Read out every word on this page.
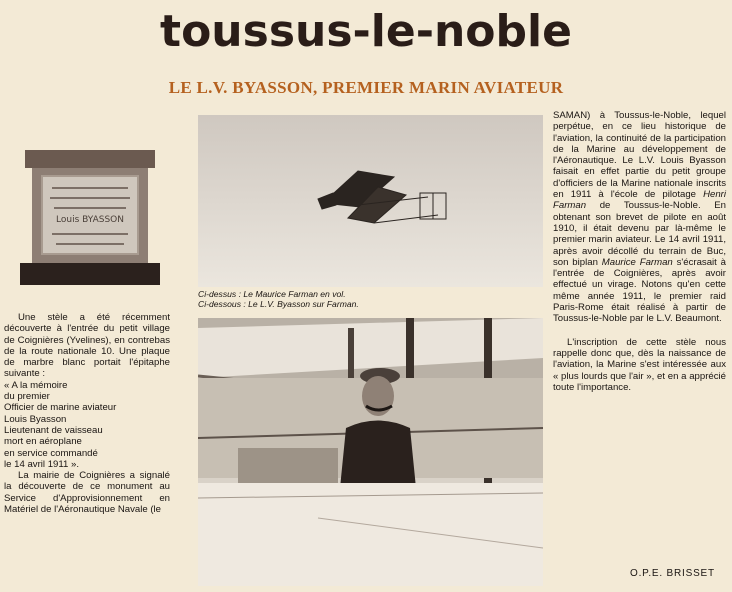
toussus-le-noble
LE L.V. BYASSON, PREMIER MARIN AVIATEUR
Louis BYASSON
Ci-dessus : Le Maurice Farman en vol.
Ci-dessous : Le L.V. Byasson sur Farman.

Une stèle a été récemment découverte à l'entrée du petit village de Coignières (Yvelines), en contrebas de la route nationale 10. Une plaque de marbre blanc portait l'épitaphe suivante :

« A la mémoire
du premier
Officier de marine aviateur
Louis Byasson
Lieutenant de vaisseau
mort en aéroplane
en service commandé
le 14 avril 1911 ».

La mairie de Coignières a signalé la découverte de ce monument au Service d'Approvisionnement en Matériel de l'Aéronautique Navale (le

SAMAN) à Toussus-le-Noble, lequel perpétue, en ce lieu historique de l'aviation, la continuité de la participation de la Marine au développement de l'Aéronautique. Le L.V. Louis Byasson faisait en effet partie du petit groupe d'officiers de la Marine nationale inscrits en 1911 à l'école de pilotage Henri Farman de Toussus-le-Noble. En obtenant son brevet de pilote en août 1910, il était devenu par là-même le premier marin aviateur. Le 14 avril 1911, après avoir décollé du terrain de Buc, son biplan Maurice Farman s'écrasait à l'entrée de Coignières, après avoir effectué un virage. Notons qu'en cette même année 1911, le premier raid Paris-Rome était réalisé à partir de Toussus-le-Noble par le L.V. Beaumont.

L'inscription de cette stèle nous rappelle donc que, dès la naissance de l'aviation, la Marine s'est intéressée aux « plus lourds que l'air », et en a apprécié toute l'importance.

O.P.E. BRISSET
